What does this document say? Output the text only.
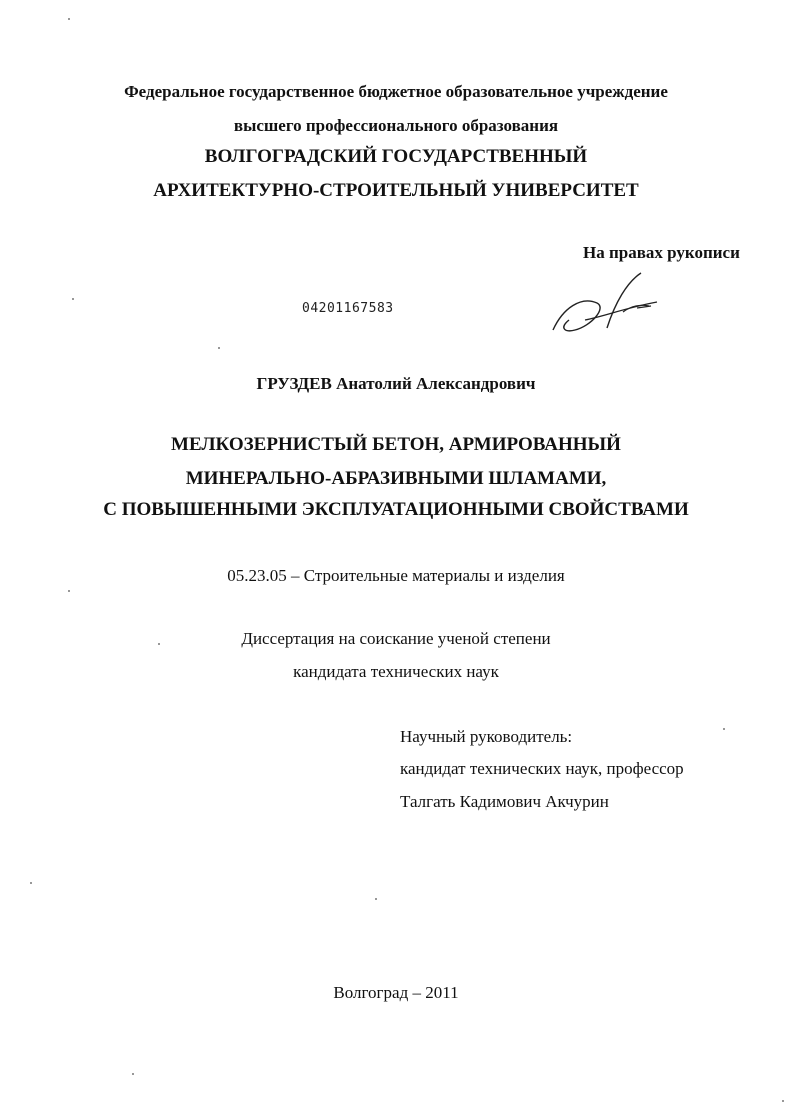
Федеральное государственное бюджетное образовательное учреждение
высшего профессионального образования
ВОЛГОГРАДСКИЙ ГОСУДАРСТВЕННЫЙ
АРХИТЕКТУРНО-СТРОИТЕЛЬНЫЙ УНИВЕРСИТЕТ
На правах рукописи
04201167583
ГРУЗДЕВ Анатолий Александрович
МЕЛКОЗЕРНИСТЫЙ БЕТОН, АРМИРОВАННЫЙ
МИНЕРАЛЬНО-АБРАЗИВНЫМИ ШЛАМАМИ,
С ПОВЫШЕННЫМИ ЭКСПЛУАТАЦИОННЫМИ СВОЙСТВАМИ
05.23.05 – Строительные материалы и изделия
Диссертация на соискание ученой степени
кандидата технических наук
Научный руководитель:
кандидат технических наук, профессор
Талгать Кадимович Акчурин
Волгоград – 2011
